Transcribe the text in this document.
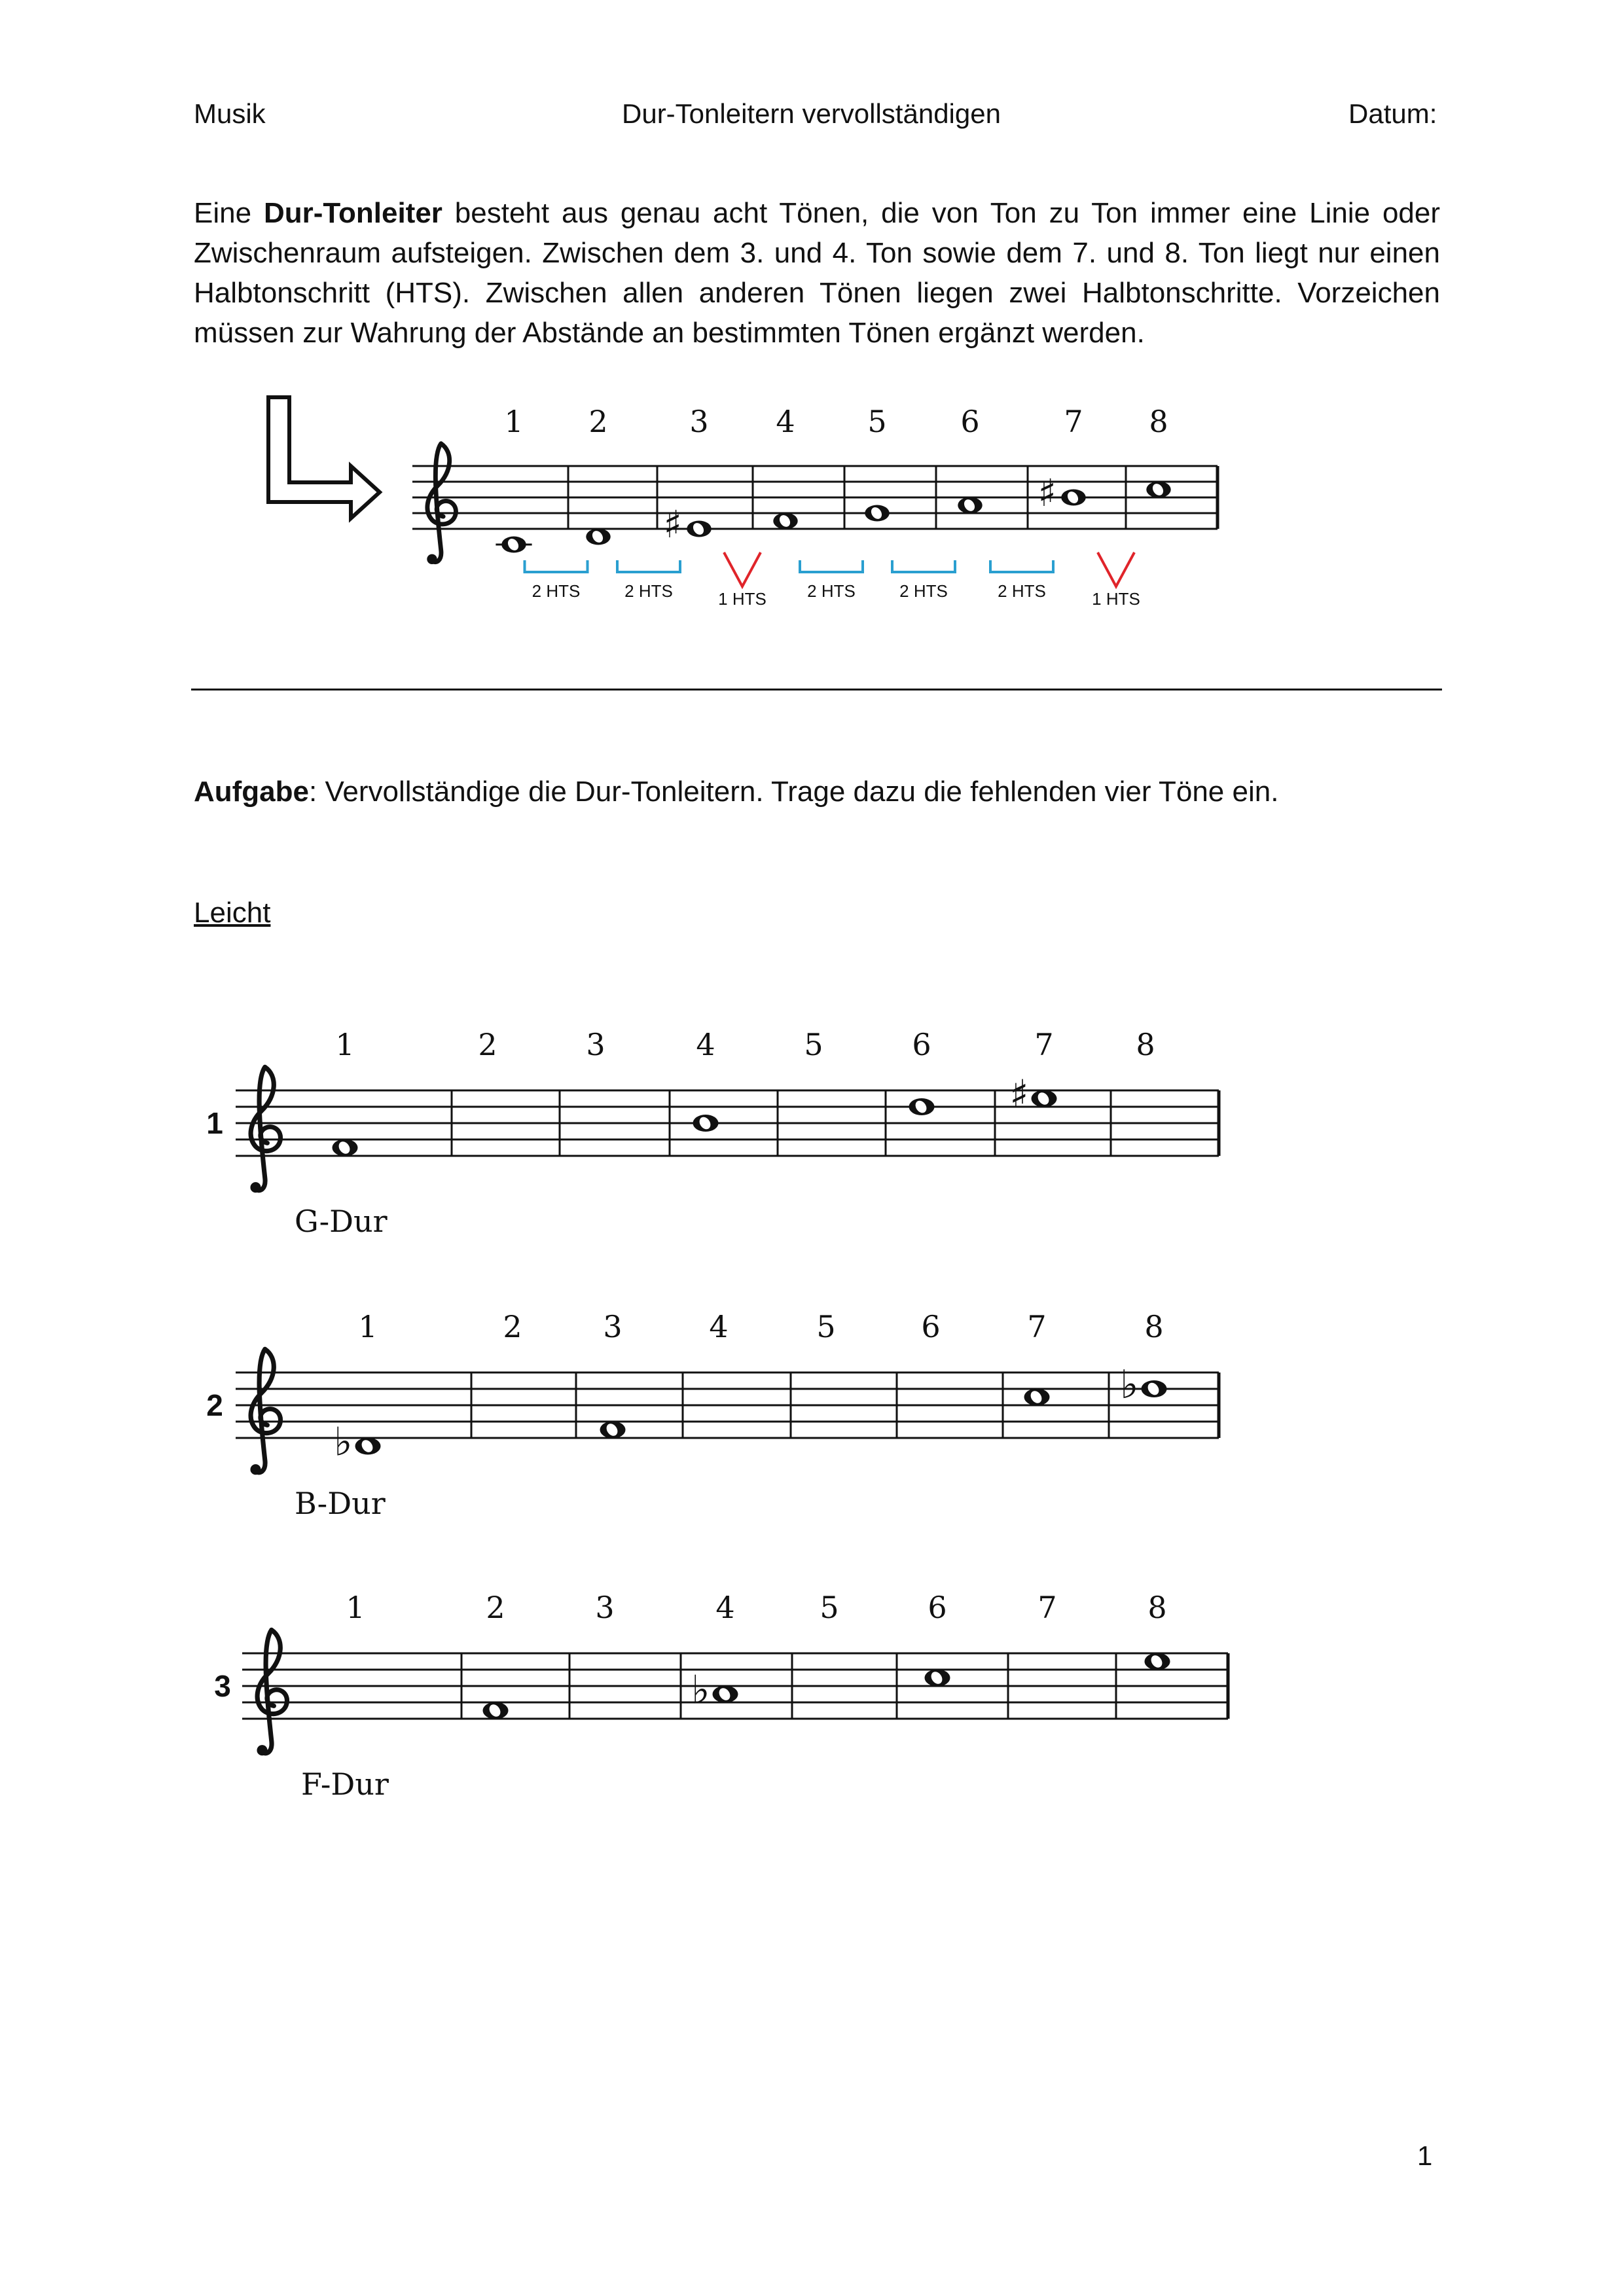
Musik	Dur-Tonleitern vervollständigen	Datum:

Eine Dur-Tonleiter besteht aus genau acht Tönen, die von Ton zu Ton immer eine Linie oder Zwischenraum aufsteigen. Zwischen dem 3. und 4. Ton sowie dem 7. und 8. Ton liegt nur einen Halbtonschritt (HTS). Zwischen allen anderen Tönen liegen zwei Halbtonschritte. Vorzeichen müssen zur Wahrung der Abstände an bestimmten Tönen ergänzt werden.

1 2	3 4 5 6	7 8
♯
♯
2 HTS	2 HTS	1 HTS 2 HTS	2 HTS	2 HTS	1 HTS
Aufgabe: Vervollständige die Dur-Tonleitern. Trage dazu die fehlenden vier Töne ein.
Leicht
1
1	2	3	4	5	6	7	8
G-Dur
♯
2
1	2	3	4	5	6	7	8
B-Dur
♭
♭
3
1	2	3	4	5	6	7	8
F-Dur
♭
1
